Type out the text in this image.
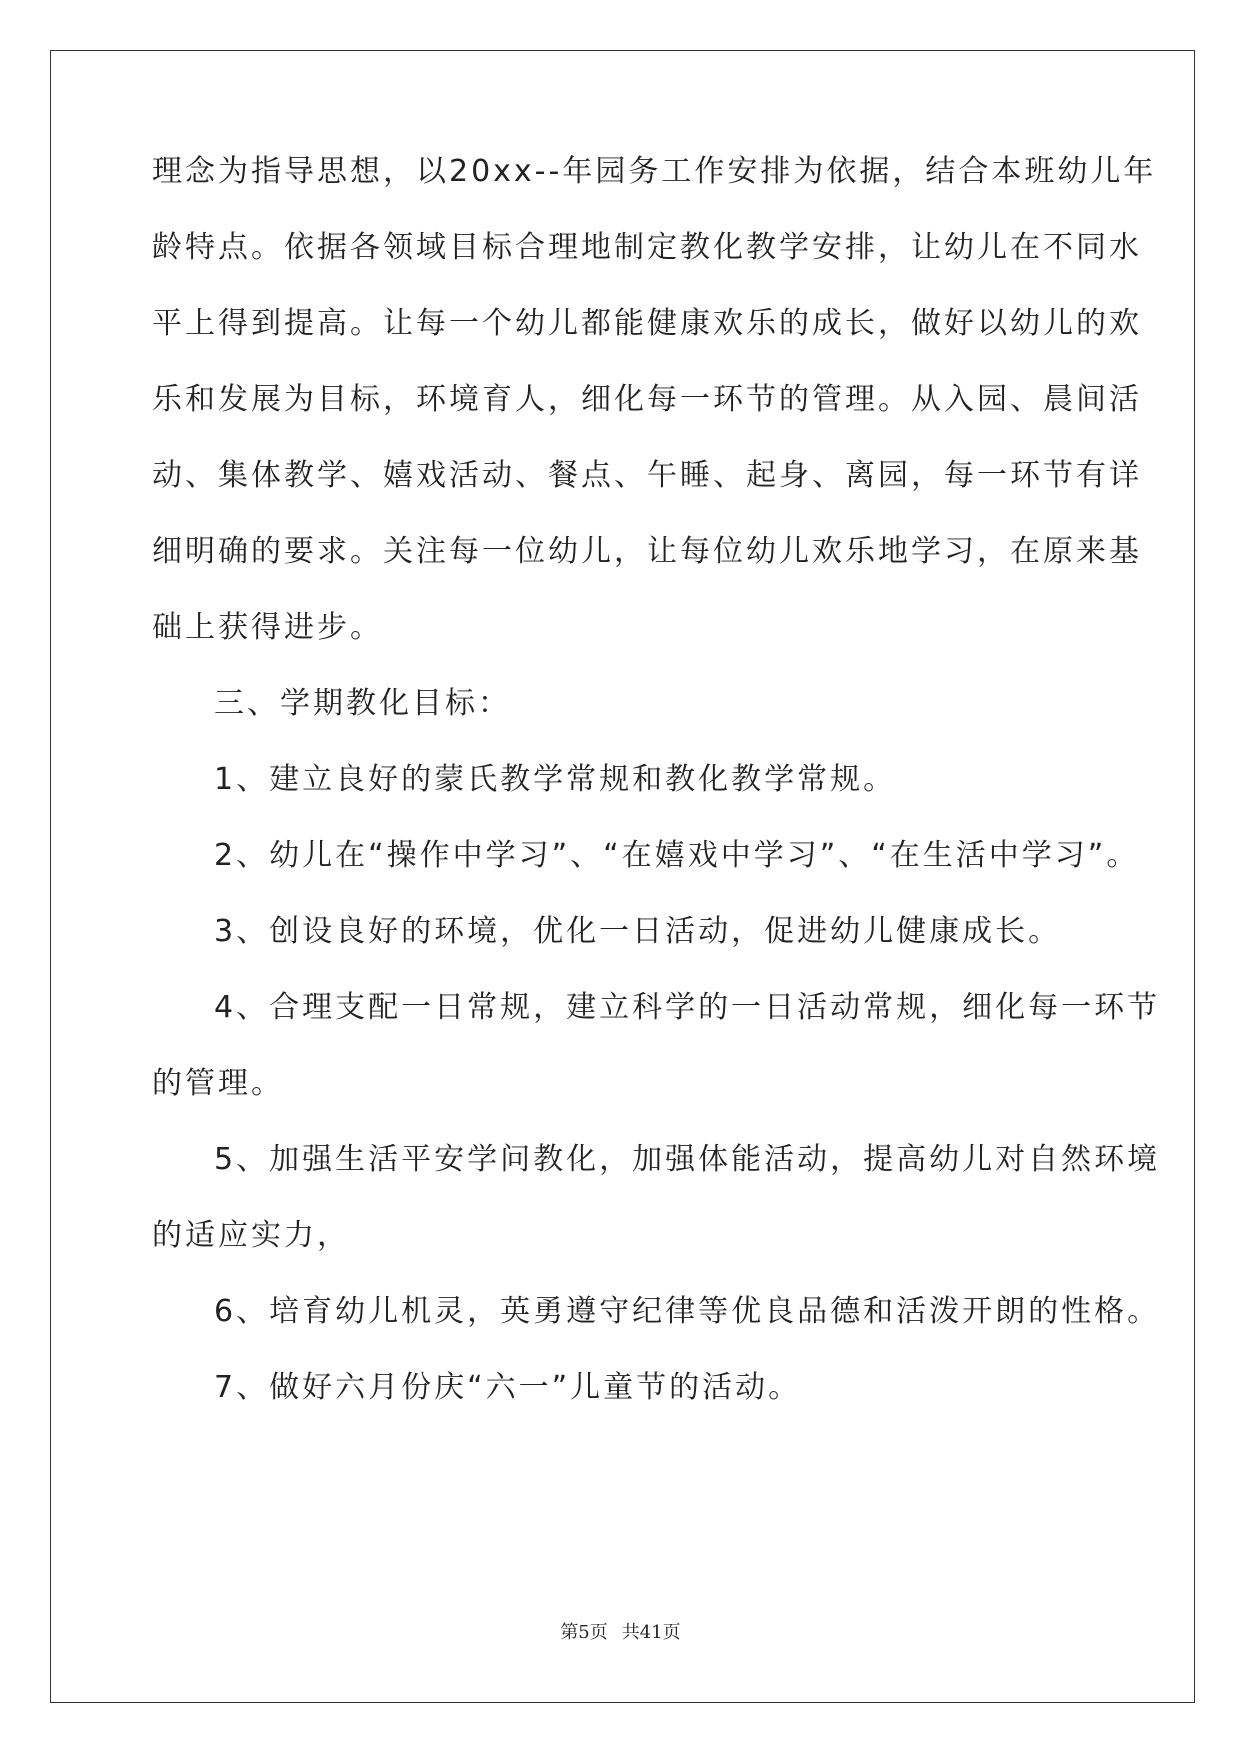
理念为指导思想，以20xx--年园务工作安排为依据，结合本班幼儿年
龄特点。依据各领域目标合理地制定教化教学安排，让幼儿在不同水
平上得到提高。让每一个幼儿都能健康欢乐的成长，做好以幼儿的欢
乐和发展为目标，环境育人，细化每一环节的管理。从入园、晨间活
动、集体教学、嬉戏活动、餐点、午睡、起身、离园，每一环节有详
细明确的要求。关注每一位幼儿，让每位幼儿欢乐地学习，在原来基
础上获得进步。
三、学期教化目标：
1、建立良好的蒙氏教学常规和教化教学常规。
2、幼儿在“操作中学习”、“在嬉戏中学习”、“在生活中学习”。
3、创设良好的环境，优化一日活动，促进幼儿健康成长。
4、合理支配一日常规，建立科学的一日活动常规，细化每一环节
的管理。
5、加强生活平安学问教化，加强体能活动，提高幼儿对自然环境
的适应实力，
6、培育幼儿机灵，英勇遵守纪律等优良品德和活泼开朗的性格。
7、做好六月份庆“六一”儿童节的活动。
第5页 共41页
